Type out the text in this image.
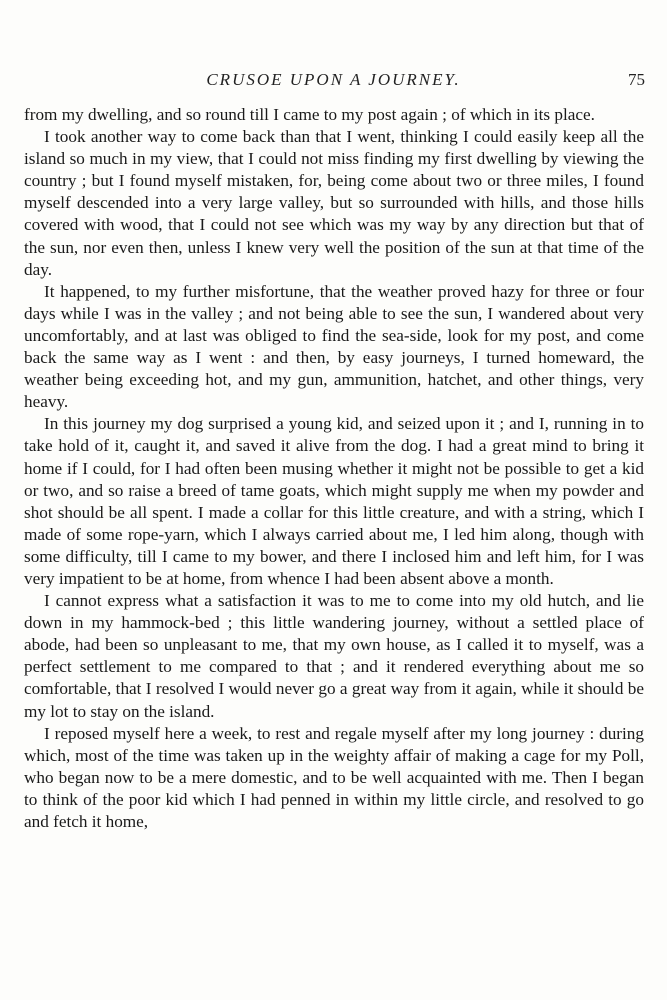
CRUSOE UPON A JOURNEY.	75

from my dwelling, and so round till I came to my post again ; of which in its place.

I took another way to come back than that I went, thinking I could easily keep all the island so much in my view, that I could not miss finding my first dwelling by viewing the country ; but I found myself mistaken, for, being come about two or three miles, I found myself descended into a very large valley, but so surrounded with hills, and those hills covered with wood, that I could not see which was my way by any direction but that of the sun, nor even then, unless I knew very well the position of the sun at that time of the day.

It happened, to my further misfortune, that the weather proved hazy for three or four days while I was in the valley ; and not being able to see the sun, I wandered about very uncomfortably, and at last was obliged to find the sea-side, look for my post, and come back the same way as I went : and then, by easy journeys, I turned homeward, the weather being exceeding hot, and my gun, ammunition, hatchet, and other things, very heavy.

In this journey my dog surprised a young kid, and seized upon it ; and I, running in to take hold of it, caught it, and saved it alive from the dog. I had a great mind to bring it home if I could, for I had often been musing whether it might not be possible to get a kid or two, and so raise a breed of tame goats, which might supply me when my powder and shot should be all spent. I made a collar for this little creature, and with a string, which I made of some rope-yarn, which I always carried about me, I led him along, though with some difficulty, till I came to my bower, and there I inclosed him and left him, for I was very impatient to be at home, from whence I had been absent above a month.

I cannot express what a satisfaction it was to me to come into my old hutch, and lie down in my hammock-bed ; this little wandering journey, without a settled place of abode, had been so unpleasant to me, that my own house, as I called it to myself, was a perfect settlement to me compared to that ; and it rendered everything about me so comfortable, that I resolved I would never go a great way from it again, while it should be my lot to stay on the island.

I reposed myself here a week, to rest and regale myself after my long journey : during which, most of the time was taken up in the weighty affair of making a cage for my Poll, who began now to be a mere domestic, and to be well acquainted with me. Then I began to think of the poor kid which I had penned in within my little circle, and resolved to go and fetch it home,
